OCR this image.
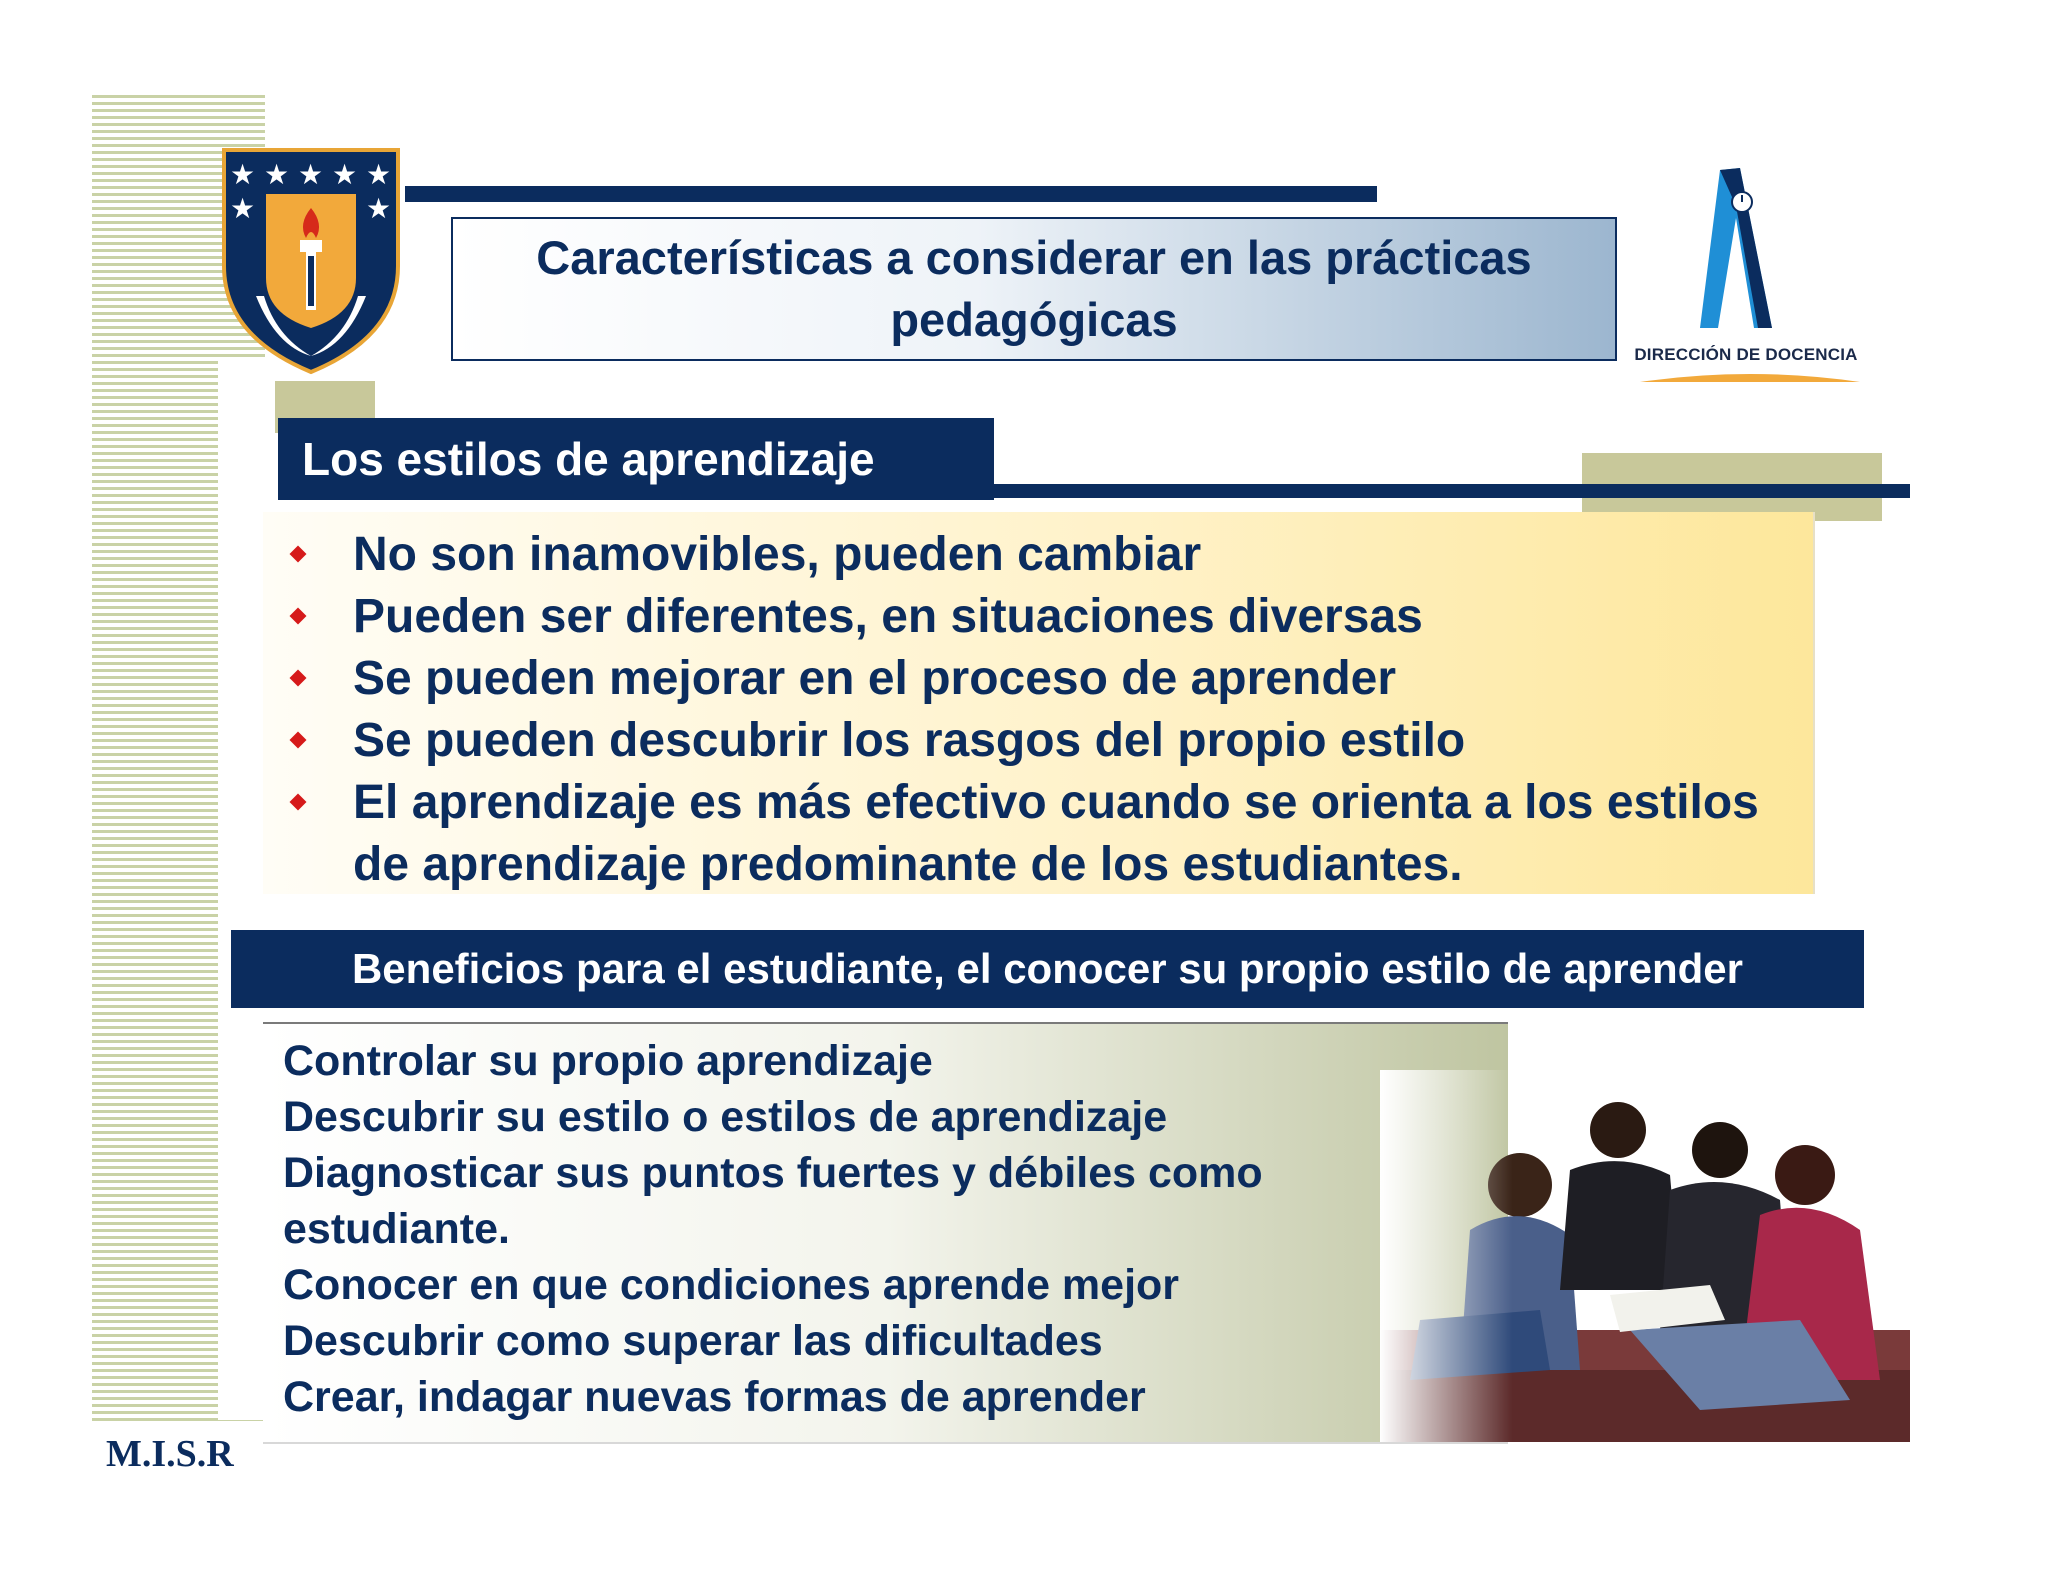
★ ★ ★ ★ ★
★	★
Características a considerar en las prácticas pedagógicas
DIRECCIÓN DE DOCENCIA
Los estilos de aprendizaje
No son inamovibles, pueden cambiar
Pueden ser diferentes, en situaciones diversas
Se pueden mejorar en el proceso de aprender
Se pueden descubrir los rasgos del propio estilo
El aprendizaje es más efectivo cuando se orienta a los estilos de aprendizaje predominante de los estudiantes.
Beneficios para el estudiante, el conocer su propio estilo de aprender
Controlar su propio aprendizaje
Descubrir su estilo o estilos de aprendizaje
Diagnosticar sus puntos fuertes y débiles como estudiante.
Conocer en que condiciones aprende mejor
Descubrir como superar las dificultades
Crear, indagar nuevas formas de aprender
M.I.S.R
